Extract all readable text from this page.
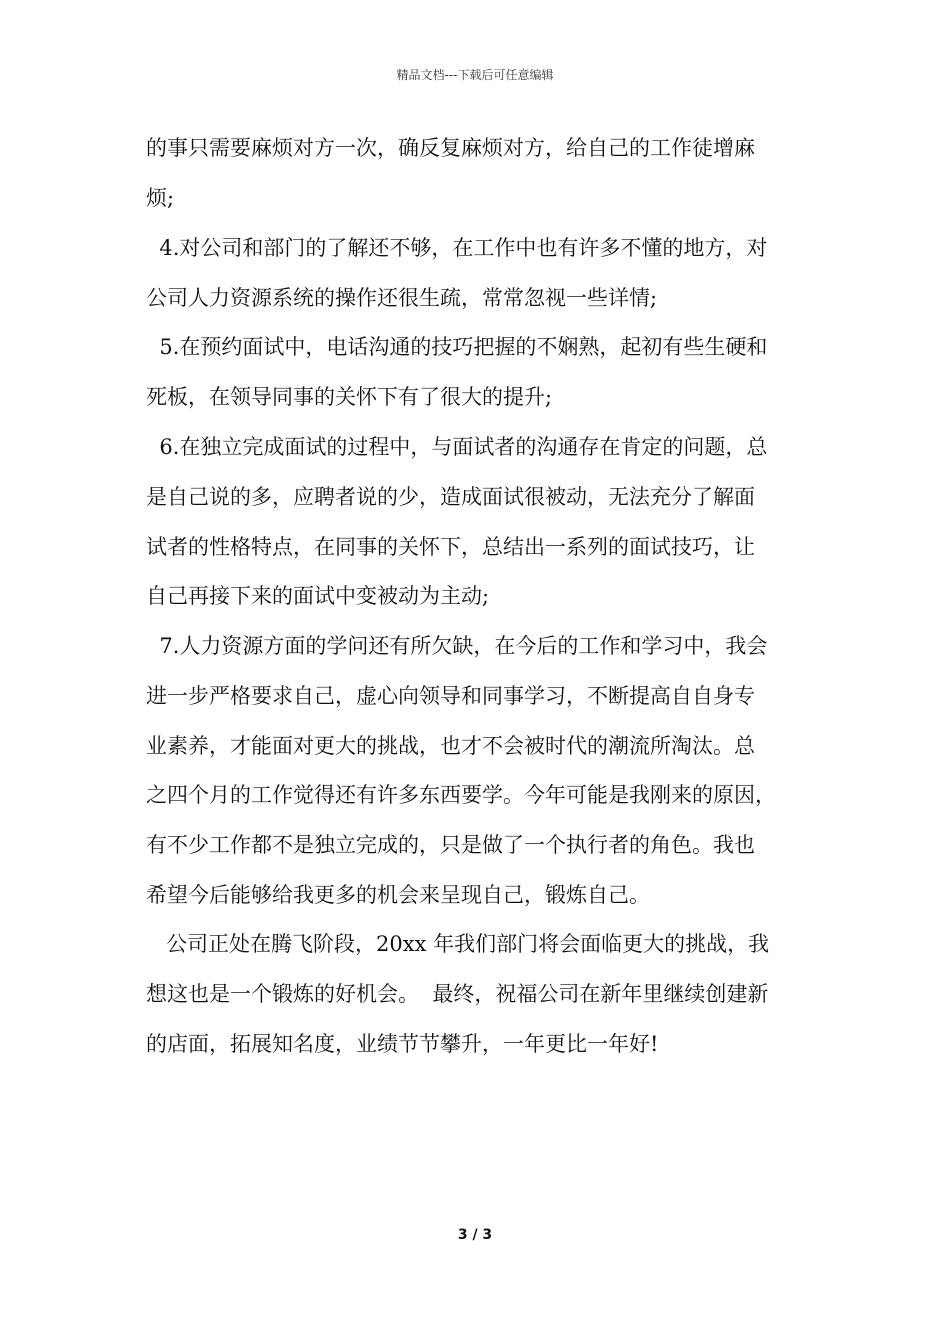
精品文档---下载后可任意编辑
的事只需要麻烦对方一次，确反复麻烦对方，给自己的工作徒增麻
烦;
4.对公司和部门的了解还不够，在工作中也有许多不懂的地方，对
公司人力资源系统的操作还很生疏，常常忽视一些详情;
5.在预约面试中，电话沟通的技巧把握的不娴熟，起初有些生硬和
死板，在领导同事的关怀下有了很大的提升;
6.在独立完成面试的过程中，与面试者的沟通存在肯定的问题，总
是自己说的多，应聘者说的少，造成面试很被动，无法充分了解面
试者的性格特点，在同事的关怀下，总结出一系列的面试技巧，让
自己再接下来的面试中变被动为主动;
7.人力资源方面的学问还有所欠缺，在今后的工作和学习中，我会
进一步严格要求自己，虚心向领导和同事学习，不断提高自自身专
业素养，才能面对更大的挑战，也才不会被时代的潮流所淘汰。总
之四个月的工作觉得还有许多东西要学。今年可能是我刚来的原因，
有不少工作都不是独立完成的，只是做了一个执行者的角色。我也
希望今后能够给我更多的机会来呈现自己，锻炼自己。
公司正处在腾飞阶段，20xx 年我们部门将会面临更大的挑战，我
想这也是一个锻炼的好机会。  最终，祝福公司在新年里继续创建新
的店面，拓展知名度，业绩节节攀升，一年更比一年好!
3 / 3
